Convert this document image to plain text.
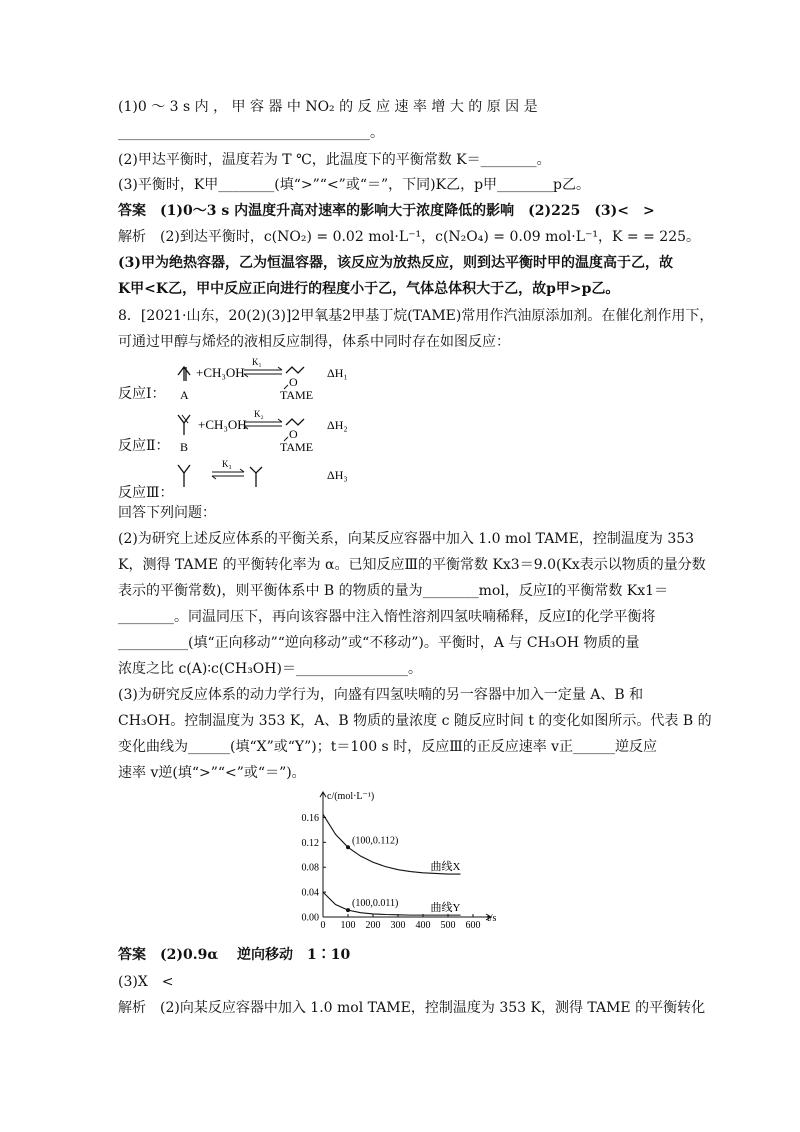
(1)0 ～ 3 s 内 ， 甲 容 器 中 NO₂ 的 反 应 速 率 增 大 的 原 因 是
____________________________________。
(2)甲达平衡时，温度若为 T ℃，此温度下的平衡常数 K＝________。
(3)平衡时，K甲________(填“>”“<”或“＝”，下同)K乙，p甲________p乙。
答案　(1)0～3 s 内温度升高对速率的影响大于浓度降低的影响　(2)225　(3)<　>
解析　(2)到达平衡时，c(NO₂) = 0.02 mol·L⁻¹，c(N₂O₄) = 0.09 mol·L⁻¹，K = = 225。
(3)甲为绝热容器，乙为恒温容器，该反应为放热反应，则到达平衡时甲的温度高于乙，故
K甲<K乙，甲中反应正向进行的程度小于乙，气体总体积大于乙，故p甲>p乙。
8．[2021·山东，20(2)(3)]2甲氧基2甲基丁烷(TAME)常用作汽油原添加剂。在催化剂作用下，
可通过甲醇与烯烃的液相反应制得，体系中同时存在如图反应：
+CH₃OH
K₁
O
ΔH₁
A	TAME
+CH₃OH
K₂
O
ΔH₂
B	TAME
K₃
ΔH₃
反应Ⅰ：
反应Ⅱ：
反应Ⅲ：
回答下列问题：
(2)为研究上述反应体系的平衡关系，向某反应容器中加入 1.0 mol TAME，控制温度为 353
K，测得 TAME 的平衡转化率为 α。已知反应Ⅲ的平衡常数 Kx3＝9.0(Kx表示以物质的量分数
表示的平衡常数)，则平衡体系中 B 的物质的量为________mol，反应Ⅰ的平衡常数 Kx1＝
________。同温同压下，再向该容器中注入惰性溶剂四氢呋喃稀释，反应Ⅰ的化学平衡将
__________(填“正向移动”“逆向移动”或“不移动”)。平衡时，A 与 CH₃OH 物质的量
浓度之比 c(A)∶c(CH₃OH)＝________________。
(3)为研究反应体系的动力学行为，向盛有四氢呋喃的另一容器中加入一定量 A、B 和
CH₃OH。控制温度为 353 K，A、B 物质的量浓度 c 随反应时间 t 的变化如图所示。代表 B 的
变化曲线为______(填“X”或“Y”)；t＝100 s 时，反应Ⅲ的正反应速率 v正______逆反应
速率 v逆(填“>”“<”或“＝”)。
0 100 200 300 400 500 600
0.00
0.04
0.08
0.12
0.16
c/(mol·L⁻¹)
t/s
曲线X
曲线Y
(100,0.112)
(100,0.011)
答案　(2)0.9α　 逆向移动　1∶10
(3)X　<
解析　(2)向某反应容器中加入 1.0 mol TAME，控制温度为 353 K，测得 TAME 的平衡转化
